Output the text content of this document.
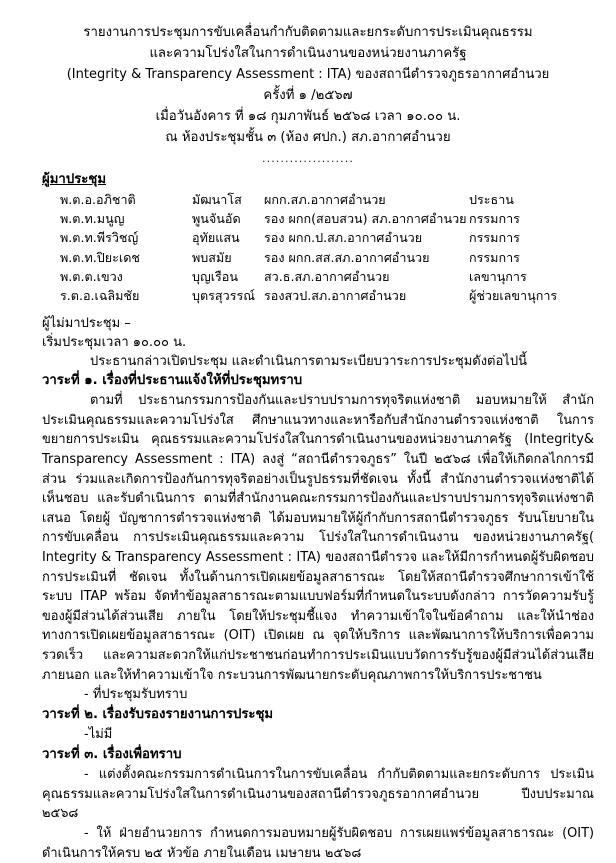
รายงานการประชุมการขับเคลื่อนกำกับติดตามและยกระดับการประเมินคุณธรรม
และความโปร่งใสในการดำเนินงานของหน่วยงานภาครัฐ
(Integrity & Transparency Assessment : ITA) ของสถานีตำรวจภูธรอากาศอำนวย
ครั้งที่ ๑ /๒๕๖๗
เมื่อวันอังคาร ที่ ๑๘ กุมภาพันธ์ ๒๕๖๘ เวลา ๑๐.๐๐ น.
ณ ห้องประชุมชั้น ๓ (ห้อง ศปก.) สภ.อากาศอำนวย
....................
ผู้มาประชุม
พ.ต.อ.อภิชาติ	มัฒนาโส	ผกก.สภ.อากาศอำนวย	ประธาน
พ.ต.ท.มนูญ	พูนจันอัด	รอง ผกก(สอบสวน) สภ.อากาศอำนวย	กรรมการ
พ.ต.ท.พีรวิชญ์	อุทัยแสน	รอง ผกก.ป.สภ.อากาศอำนวย	กรรมการ
พ.ต.ท.ปิยะเดช	พบสมัย	รอง ผกก.สส.สภ.อากาศอำนวย	กรรมการ
พ.ต.ต.เขวง	บุญเรือน	สว.ธ.สภ.อากาศอำนวย	เลขานุการ
ร.ต.อ.เฉลิมชัย	บุตรสุวรรณ์	รองสวป.สภ.อากาศอำนวย	ผู้ช่วยเลขานุการ
ผู้ไม่มาประชุม –
เริ่มประชุมเวลา ๑๐.๐๐ น.
ประธานกล่าวเปิดประชุม และดำเนินการตามระเบียบวาระการประชุมดังต่อไปนี้
วาระที่ ๑. เรื่องที่ประธานแจ้งให้ที่ประชุมทราบ
ตามที่ ประธานกรรมการป้องกันและปราบปรามการทุจริตแห่งชาติ มอบหมายให้ สำนักประเมินคุณธรรมและความโปร่งใส ศึกษาแนวทางและหารือกับสำนักงานตำรวจแห่งชาติ ในการ ขยายการประเมิน คุณธรรมและความโปร่งใสในการดำเนินงานของหน่วยงานภาครัฐ (Integrity& Transparency Assessment : ITA) ลงสู่ “สถานีตำรวจภูธร” ในปี ๒๕๖๘ เพื่อให้เกิดกลไกการมีส่วน ร่วมและเกิดการป้องกันการทุจริตอย่างเป็นรูปธรรมที่ชัดเจน ทั้งนี้ สำนักงานตำรวจแห่งชาติได้เห็นชอบ และรับดำเนินการ ตามที่สำนักงานคณะกรรมการป้องกันและปราบปรามการทุจริตแห่งชาติเสนอ โดยผู้ บัญชาการตำรวจแห่งชาติ ได้มอบหมายให้ผู้กำกับการสถานีตำรวจภูธร รับนโยบายในการขับเคลื่อน การประเมินคุณธรรมและความ โปร่งใสในการดำเนินงาน ของหน่วยงานภาครัฐ( Integrity & Transparency Assessment : ITA) ของสถานีตำรวจ และให้มีการกำหนดผู้รับผิดชอบการประเมินที่ ชัดเจน ทั้งในด้านการเปิดเผยข้อมูลสาธารณะ โดยให้สถานีตำรวจศึกษาการเข้าใช้ระบบ ITAP พร้อม จัดทำข้อมูลสาธารณะตามแบบฟอร์มที่กำหนดในระบบดังกล่าว การวัดความรับรู้ของผู้มีส่วนได้ส่วนเสีย ภายใน โดยให้ประชุมชี้แจง ทำความเข้าใจในข้อคำถาม และให้นำช่องทางการเปิดเผยข้อมูลสาธารณะ (OIT) เปิดเผย ณ จุดให้บริการ และพัฒนาการให้บริการเพื่อความรวดเร็ว และความสะดวกให้แก่ประชาชนก่อนทำการประเมินแบบวัดการรับรู้ของผู้มีส่วนได้ส่วนเสียภายนอก และให้ทำความเข้าใจ กระบวนการพัฒนายกระดับคุณภาพการให้บริการประชาชน
- ที่ประชุมรับทราบ
วาระที่ ๒. เรื่องรับรองรายงานการประชุม
-ไม่มี
วาระที่ ๓. เรื่องเพื่อทราบ
- แต่งตั้งคณะกรรมการดำเนินการในการขับเคลื่อน กำกับติดตามและยกระดับการ ประเมินคุณธรรมและความโปร่งใสในการดำเนินงานของสถานีตำรวจภูธรอากาศอำนวย ปีงบประมาณ ๒๕๖๘
- ให้ ฝ่ายอำนวยการ กำหนดการมอบหมายผู้รับผิดชอบ การเผยแพร่ข้อมูลสาธารณะ (OIT) ดำเนินการให้ครบ ๒๕ หัวข้อ ภายในเดือน เมษายน ๒๕๖๘
